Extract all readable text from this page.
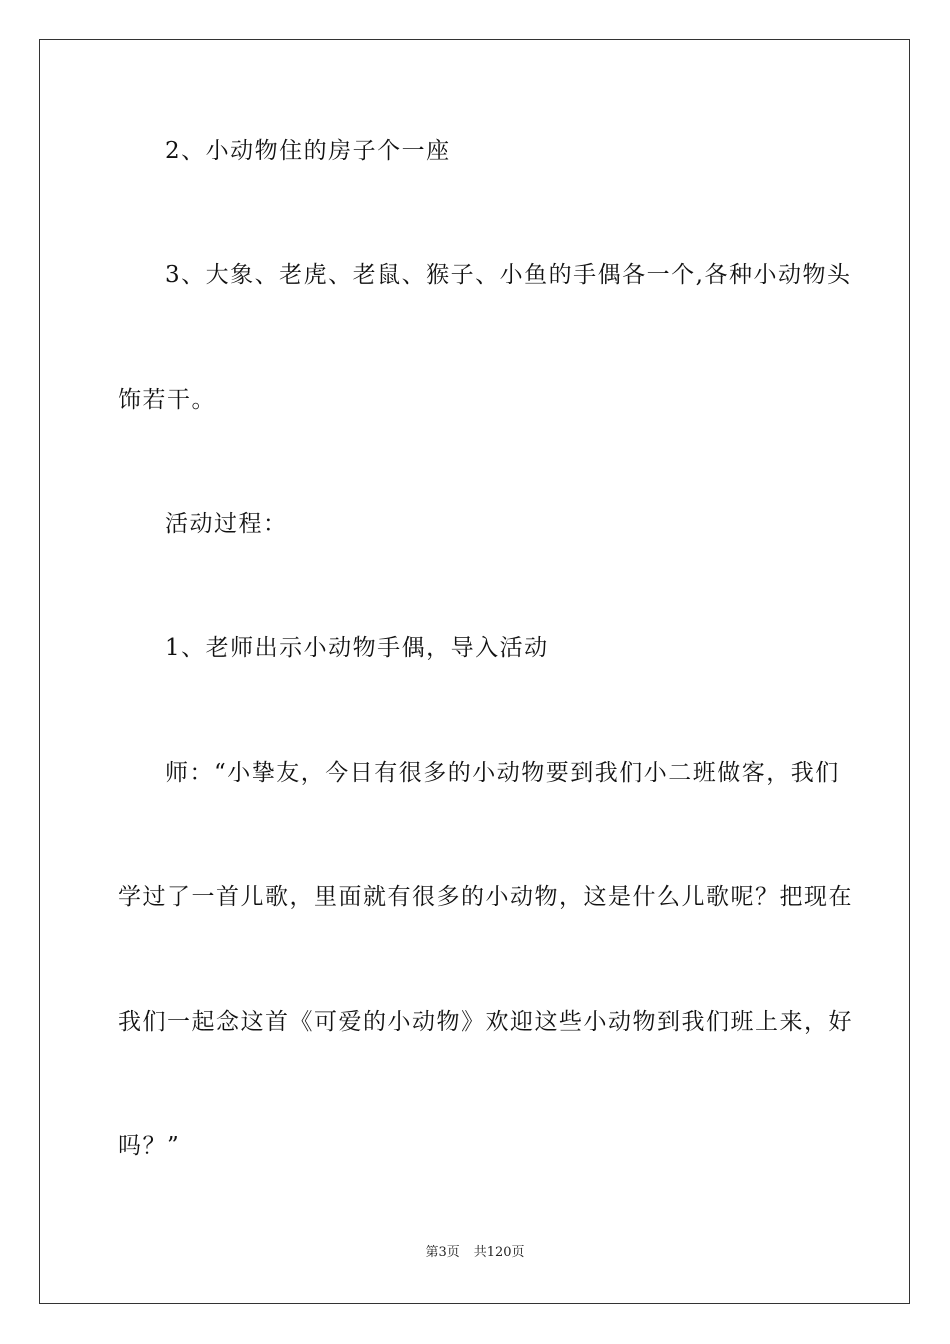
2、小动物住的房子个一座
3、大象、老虎、老鼠、猴子、小鱼的手偶各一个,各种小动物头
饰若干。
活动过程：
1、老师出示小动物手偶，导入活动
师：“小挚友，今日有很多的小动物要到我们小二班做客，我们
学过了一首儿歌，里面就有很多的小动物，这是什么儿歌呢？把现在
我们一起念这首《可爱的小动物》欢迎这些小动物到我们班上来，好
吗？”
第3页 共120页
